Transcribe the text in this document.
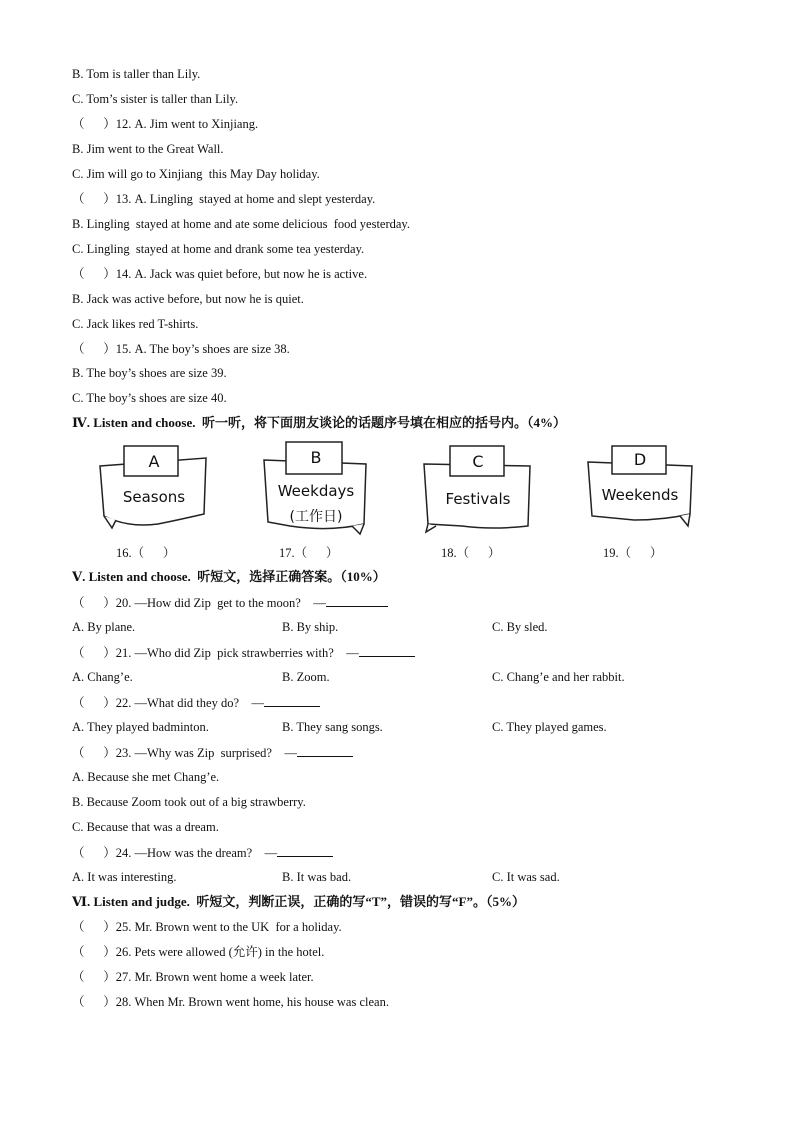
B. Tom is taller than Lily.
C. Tom’s sister is taller than Lily.
（      ）12. A. Jim went to Xinjiang.
B. Jim went to the Great Wall.
C. Jim will go to Xinjiang  this May Day holiday.
（      ）13. A. Lingling  stayed at home and slept yesterday.
B. Lingling  stayed at home and ate some delicious  food yesterday.
C. Lingling  stayed at home and drank some tea yesterday.
（      ）14. A. Jack was quiet before, but now he is active.
B. Jack was active before, but now he is quiet.
C. Jack likes red T-shirts.
（      ）15. A. The boy’s shoes are size 38.
B. The boy’s shoes are size 39.
C. The boy’s shoes are size 40.
Ⅳ. Listen and choose.  听一听，将下面朋友谈论的话题序号填在相应的括号内。（4%）
A
Seasons
B
Weekdays
(工作日)
C
Festivals
D
Weekends
16.（      ）	17.（      ）	18.（      ）	19.（      ）
Ⅴ. Listen and choose.  听短文，选择正确答案。（10%）
（      ）20. —How did Zip  get to the moon?    —
A. By plane.	B. By ship.	C. By sled.
（      ）21. —Who did Zip  pick strawberries with?    —
A. Chang’e.	B. Zoom.	C. Chang’e and her rabbit.
（      ）22. —What did they do?    —
A. They played badminton.	B. They sang songs.	C. They played games.
（      ）23. —Why was Zip  surprised?    —
A. Because she met Chang’e.
B. Because Zoom took out of a big strawberry.
C. Because that was a dream.
（      ）24. —How was the dream?    —
A. It was interesting.	B. It was bad.	C. It was sad.
Ⅵ. Listen and judge.  听短文，判断正误，正确的写“T”，错误的写“F”。（5%）
（      ）25. Mr. Brown went to the UK  for a holiday.
（      ）26. Pets were allowed (允许) in the hotel.
（      ）27. Mr. Brown went home a week later.
（      ）28. When Mr. Brown went home, his house was clean.
